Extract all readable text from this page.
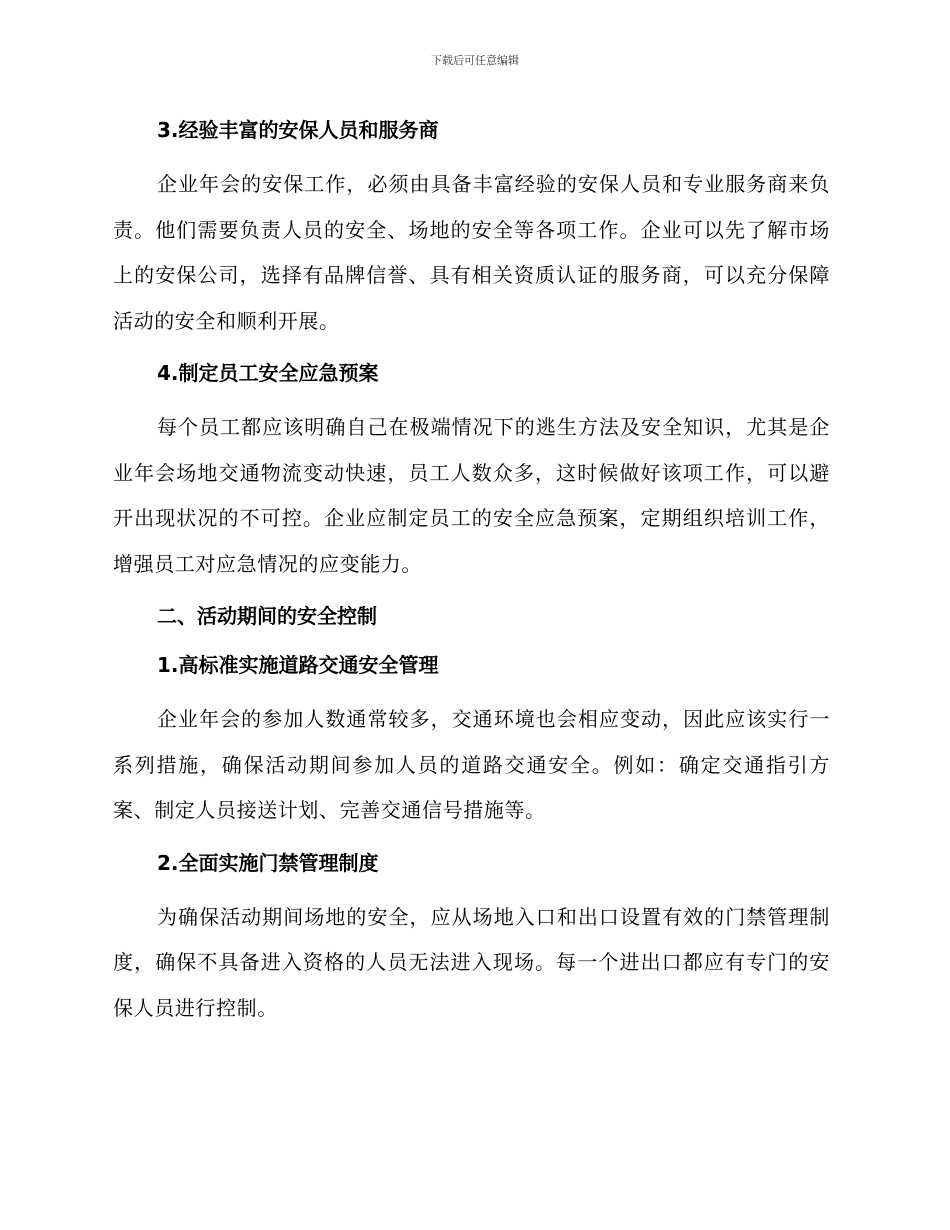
下载后可任意编辑
3.经验丰富的安保人员和服务商

企业年会的安保工作，必须由具备丰富经验的安保人员和专业服务商来负责。他们需要负责人员的安全、场地的安全等各项工作。企业可以先了解市场上的安保公司，选择有品牌信誉、具有相关资质认证的服务商，可以充分保障活动的安全和顺利开展。

4.制定员工安全应急预案

每个员工都应该明确自己在极端情况下的逃生方法及安全知识，尤其是企业年会场地交通物流变动快速，员工人数众多，这时候做好该项工作，可以避开出现状况的不可控。企业应制定员工的安全应急预案，定期组织培训工作，增强员工对应急情况的应变能力。

二、活动期间的安全控制
1.高标准实施道路交通安全管理

企业年会的参加人数通常较多，交通环境也会相应变动，因此应该实行一系列措施，确保活动期间参加人员的道路交通安全。例如：确定交通指引方案、制定人员接送计划、完善交通信号措施等。

2.全面实施门禁管理制度

为确保活动期间场地的安全，应从场地入口和出口设置有效的门禁管理制度，确保不具备进入资格的人员无法进入现场。每一个进出口都应有专门的安保人员进行控制。
